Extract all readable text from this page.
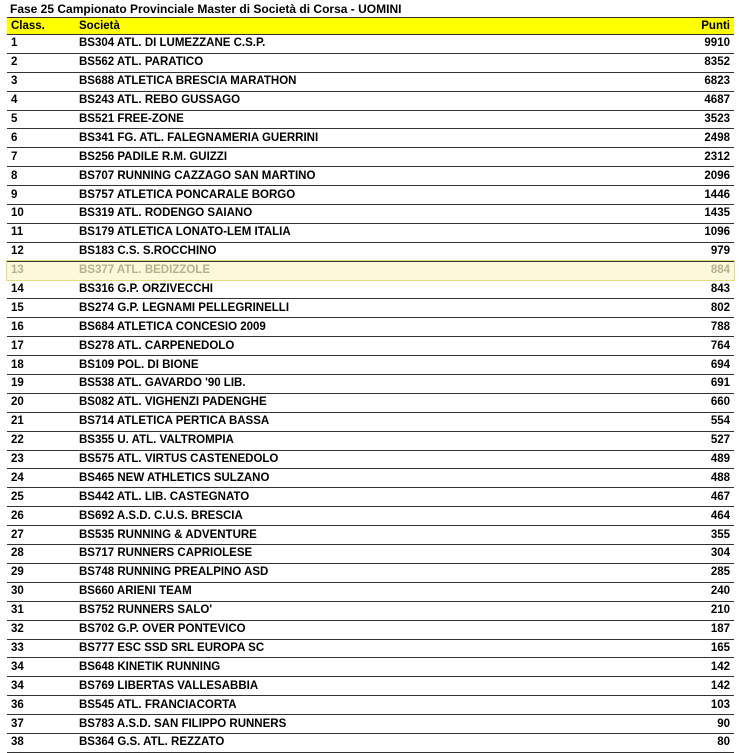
Fase 25 Campionato Provinciale Master di Società di Corsa - UOMINI
Class.	Società	Punti
1	BS304 ATL. DI LUMEZZANE C.S.P.	9910
2	BS562 ATL. PARATICO	8352
3	BS688 ATLETICA BRESCIA MARATHON	6823
4	BS243 ATL. REBO GUSSAGO	4687
5	BS521 FREE-ZONE	3523
6	BS341 FG. ATL. FALEGNAMERIA GUERRINI	2498
7	BS256 PADILE R.M. GUIZZI	2312
8	BS707 RUNNING CAZZAGO SAN MARTINO	2096
9	BS757 ATLETICA PONCARALE BORGO	1446
10	BS319 ATL. RODENGO SAIANO	1435
11	BS179 ATLETICA LONATO-LEM ITALIA	1096
12	BS183 C.S. S.ROCCHINO	979
13	BS377 ATL. BEDIZZOLE	884
14	BS316 G.P. ORZIVECCHI	843
15	BS274 G.P. LEGNAMI PELLEGRINELLI	802
16	BS684 ATLETICA CONCESIO 2009	788
17	BS278 ATL. CARPENEDOLO	764
18	BS109 POL. DI BIONE	694
19	BS538 ATL. GAVARDO '90 LIB.	691
20	BS082 ATL. VIGHENZI PADENGHE	660
21	BS714 ATLETICA PERTICA BASSA	554
22	BS355 U. ATL. VALTROMPIA	527
23	BS575 ATL. VIRTUS CASTENEDOLO	489
24	BS465 NEW ATHLETICS SULZANO	488
25	BS442 ATL. LIB. CASTEGNATO	467
26	BS692 A.S.D. C.U.S. BRESCIA	464
27	BS535 RUNNING & ADVENTURE	355
28	BS717 RUNNERS CAPRIOLESE	304
29	BS748 RUNNING PREALPINO ASD	285
30	BS660 ARIENI TEAM	240
31	BS752 RUNNERS SALO'	210
32	BS702 G.P. OVER PONTEVICO	187
33	BS777 ESC SSD SRL EUROPA SC	165
34	BS648 KINETIK RUNNING	142
34	BS769 LIBERTAS VALLESABBIA	142
36	BS545 ATL. FRANCIACORTA	103
37	BS783 A.S.D. SAN FILIPPO RUNNERS	90
38	BS364 G.S. ATL. REZZATO	80
